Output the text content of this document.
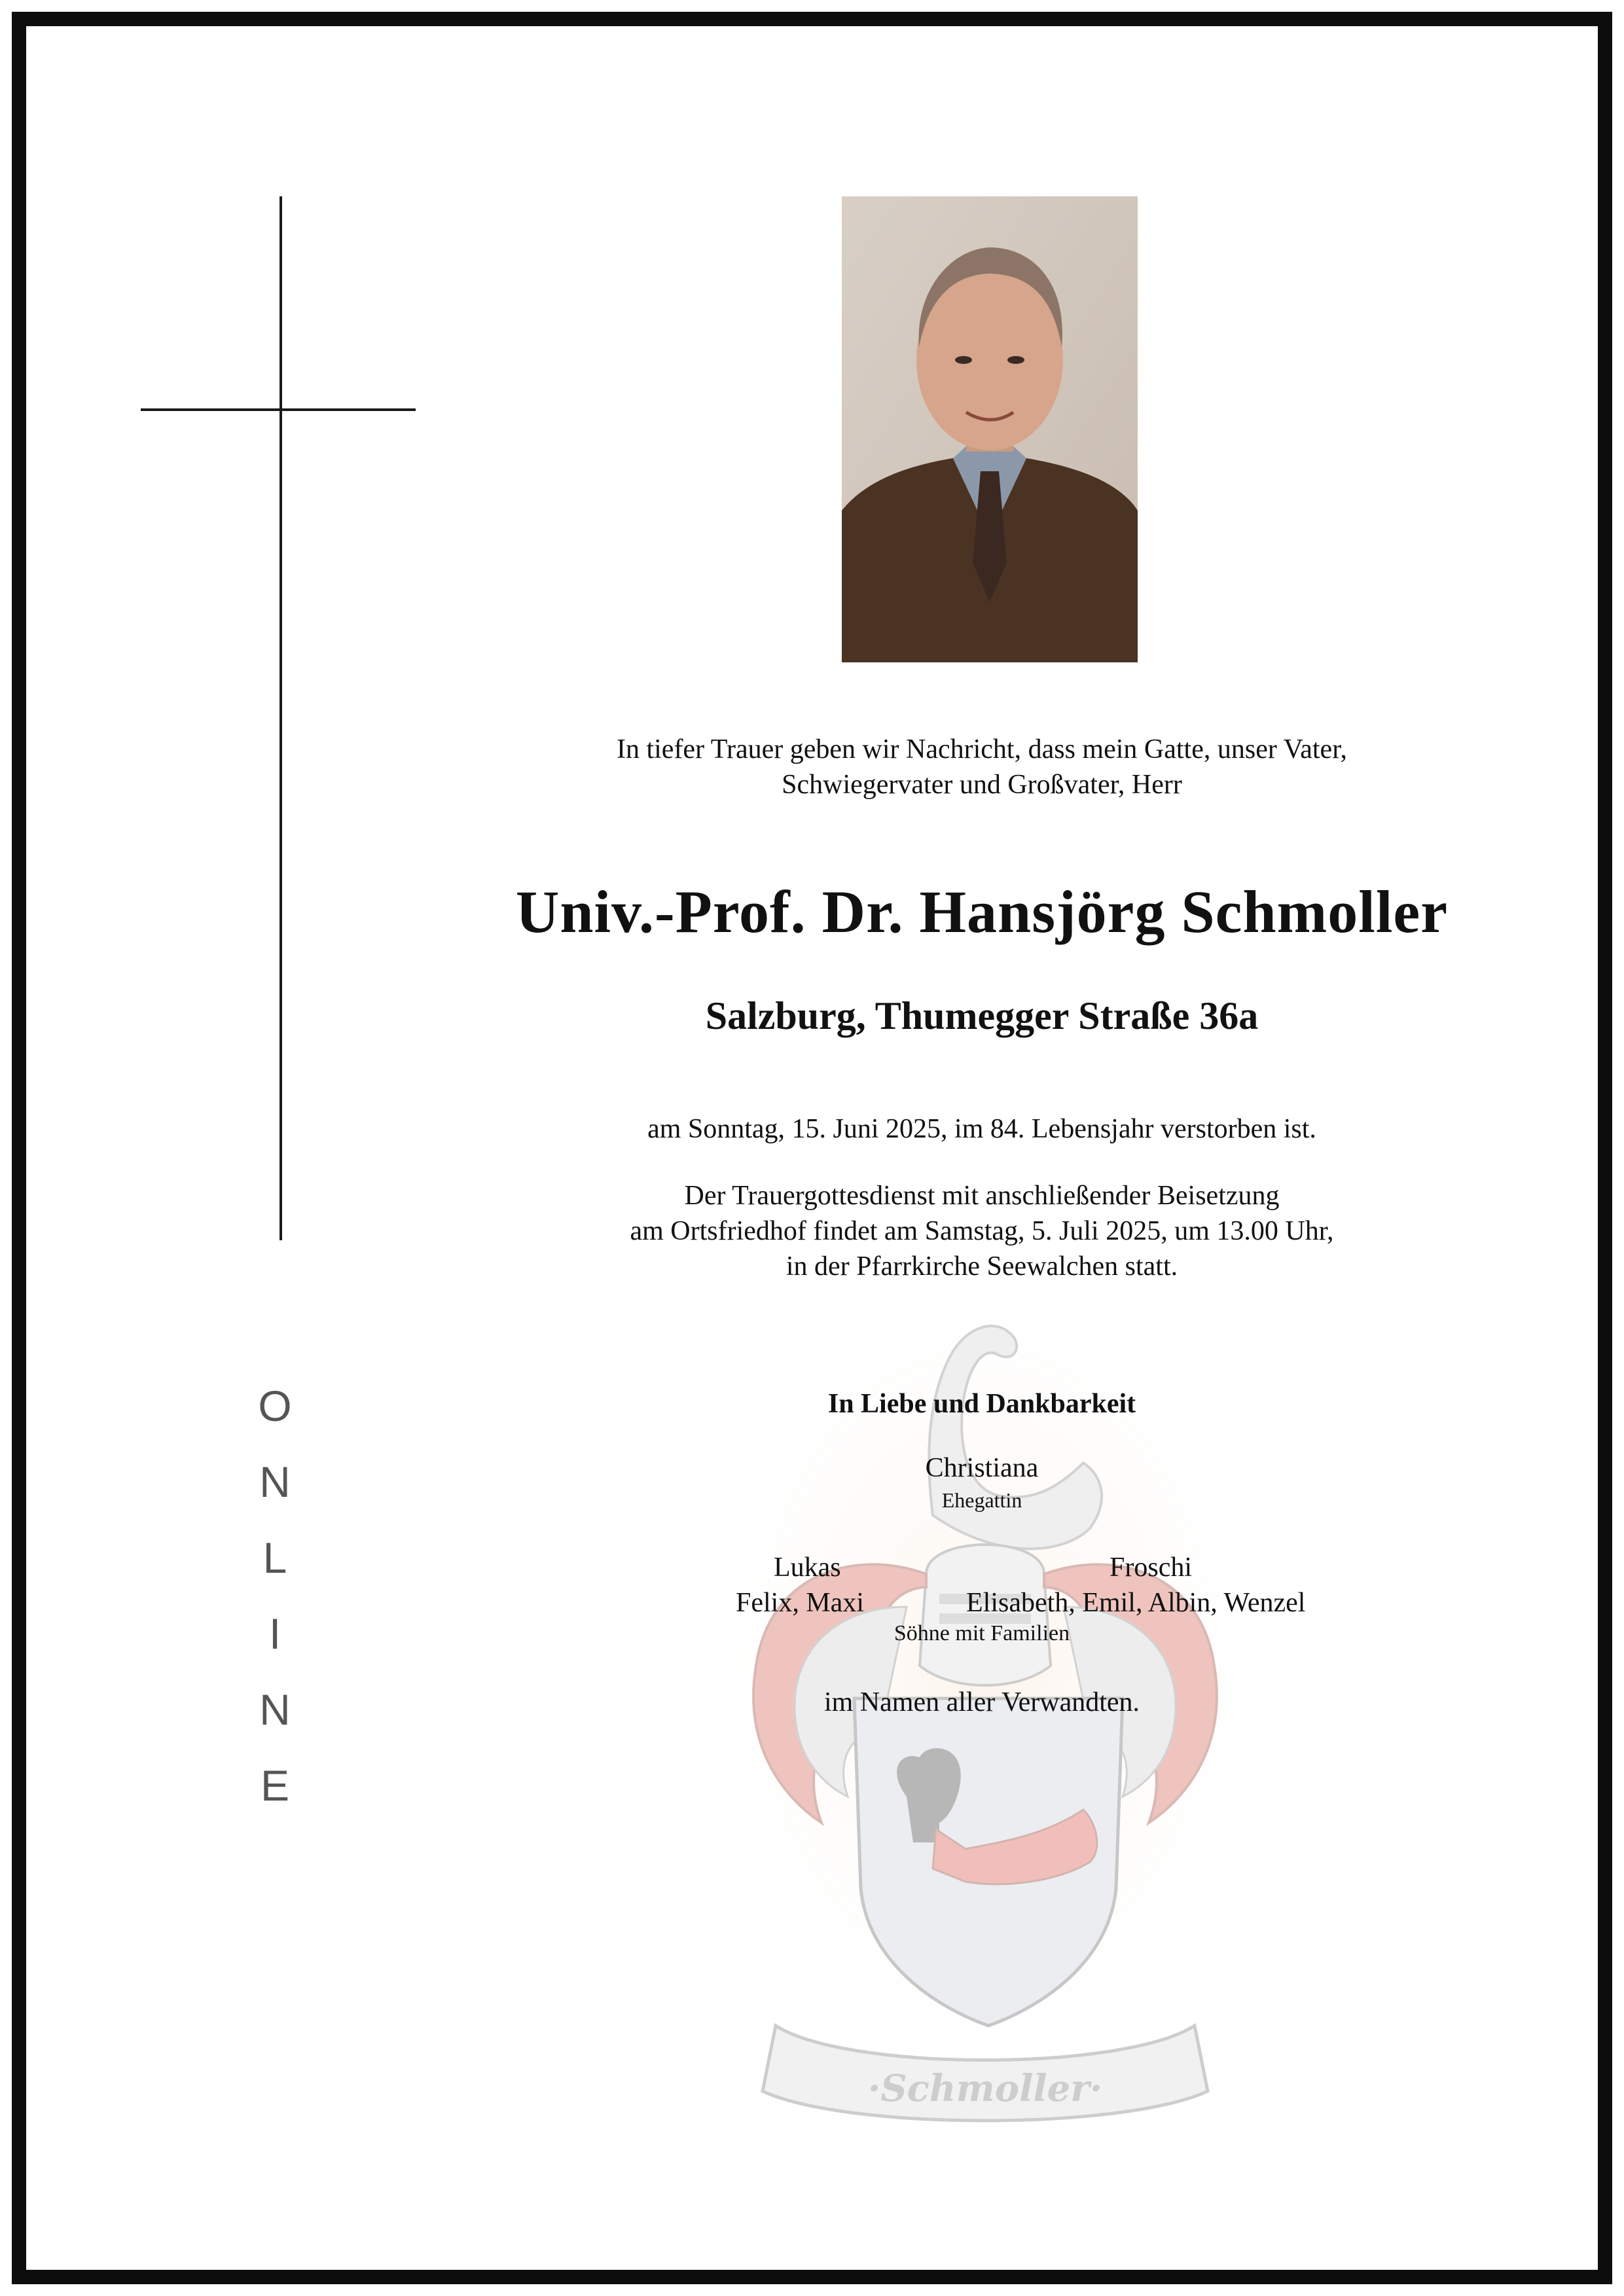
O
N
L
I
N
E
·Schmoller·

In tiefer Trauer geben wir Nachricht, dass mein Gatte, unser Vater,

Schwiegervater und Großvater, Herr

Univ.-Prof. Dr. Hansjörg Schmoller

Salzburg, Thumegger Straße 36a

am Sonntag, 15. Juni 2025, im 84. Lebensjahr verstorben ist.

Der Trauergottesdienst mit anschließender Beisetzung

am Ortsfriedhof findet am Samstag, 5. Juli 2025, um 13.00 Uhr,

in der Pfarrkirche Seewalchen statt.

In Liebe und Dankbarkeit

Christiana

Ehegattin

Lukas
Felix, Maxi
Froschi
Elisabeth, Emil, Albin, Wenzel

Söhne mit Familien

im Namen aller Verwandten.
